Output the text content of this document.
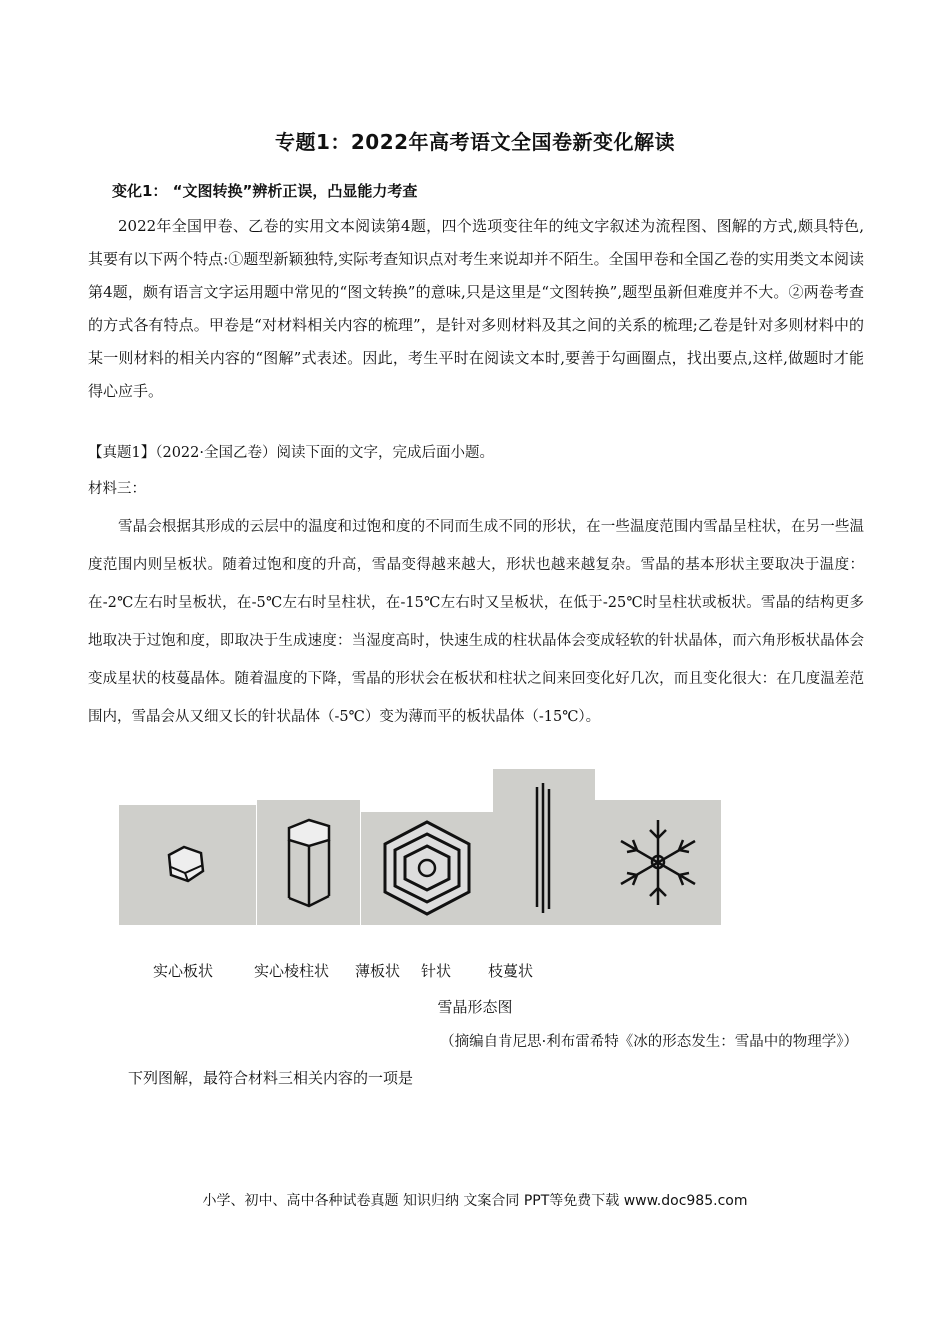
专题1：2022年高考语文全国卷新变化解读
变化1： “文图转换”辨析正误，凸显能力考查
2022年全国甲卷、乙卷的实用文本阅读第4题，四个选项变往年的纯文字叙述为流程图、图解的方式,颇具特色,其要有以下两个特点:①题型新颖独特,实际考查知识点对考生来说却并不陌生。全国甲卷和全国乙卷的实用类文本阅读第4题，颇有语言文字运用题中常见的“图文转换”的意味,只是这里是“文图转换”,题型虽新但难度并不大。②两卷考查的方式各有特点。甲卷是“对材料相关内容的梳理”，是针对多则材料及其之间的关系的梳理;乙卷是针对多则材料中的某一则材料的相关内容的“图解”式表述。因此，考生平时在阅读文本时,要善于勾画圈点，找出要点,这样,做题时才能得心应手。
【真题1】（2022·全国乙卷）阅读下面的文字，完成后面小题。
材料三：
雪晶会根据其形成的云层中的温度和过饱和度的不同而生成不同的形状，在一些温度范围内雪晶呈柱状，在另一些温度范围内则呈板状。随着过饱和度的升高，雪晶变得越来越大，形状也越来越复杂。雪晶的基本形状主要取决于温度：在-2℃左右时呈板状，在-5℃左右时呈柱状，在-15℃左右时又呈板状，在低于-25℃时呈柱状或板状。雪晶的结构更多地取决于过饱和度，即取决于生成速度：当湿度高时，快速生成的柱状晶体会变成轻软的针状晶体，而六角形板状晶体会变成星状的枝蔓晶体。随着温度的下降，雪晶的形状会在板状和柱状之间来回变化好几次，而且变化很大：在几度温差范围内，雪晶会从又细又长的针状晶体（-5℃）变为薄而平的板状晶体（-15℃）。
实心板状	实心棱柱状 薄板状 针状 枝蔓状
雪晶形态图
（摘编自肯尼思·利布雷希特《冰的形态发生：雪晶中的物理学》）
下列图解，最符合材料三相关内容的一项是
小学、初中、高中各种试卷真题 知识归纳 文案合同 PPT等免费下载 www.doc985.com
